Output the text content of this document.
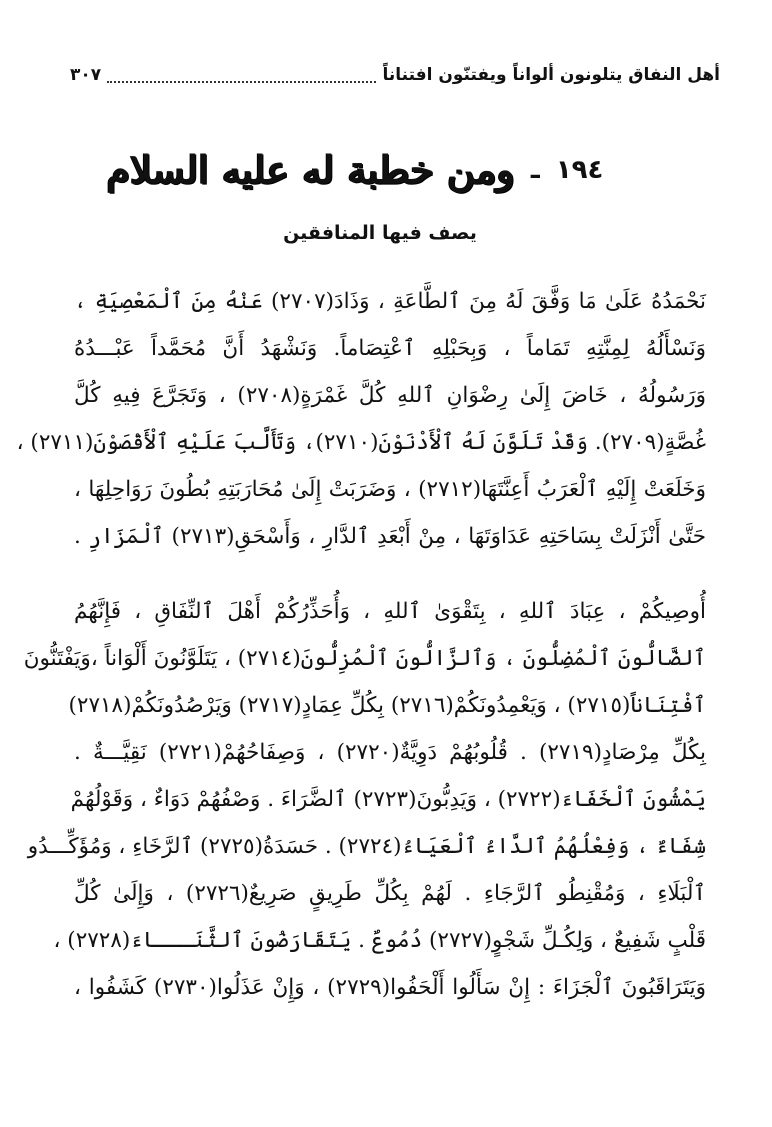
أهل النفاق يتلونون ألواناً ويفتنّون افتناناً
٣٠٧
١٩٤
ـ
ومن خطبة له عليه السلام
يصف فيها المنافقين
نَحْمَدُهُ عَلَىٰ مَا وَفَّقَ لَهُ مِنَ ٱلطَّاعَةِ ، وَذَادَ(٢٧٠٧) عَنْهُ مِنَ ٱلْمَعْصِيَةِ ،
وَنَسْأَلُهُ لِمِنَّتِهِ تَمَاماً ، وَبِحَبْلِهِ ٱعْتِصَاماً. وَنَشْهَدُ أَنَّ مُحَمَّداً عَبْـــدُهُ
وَرَسُولُهُ ، خَاضَ إِلَىٰ رِضْوَانِ ٱللهِ كُلَّ غَمْرَةٍ(٢٧٠٨) ، وَتَجَرَّعَ فِيهِ كُلَّ
غُصَّةٍ(٢٧٠٩). وَقَدْ تَلَوَّنَ لَهُ ٱلْأَدْنَوْنَ(٢٧١٠)، وَتَأَلَّبَ عَلَيْهِ ٱلْأَقْصَوْنَ(٢٧١١) ،
وَخَلَعَتْ إِلَيْهِ ٱلْعَرَبُ أَعِنَّتَهَا(٢٧١٢) ، وَضَرَبَتْ إِلَىٰ مُحَارَبَتِهِ بُطُونَ رَوَاحِلِهَا ،
حَتَّىٰ أَنْزَلَتْ بِسَاحَتِهِ عَدَاوَتَهَا ، مِنْ أَبْعَدِ ٱلدَّارِ ، وَأَسْحَقِ(٢٧١٣) ٱلْمَزَارِ .
أُوصِيكُمْ ، عِبَادَ ٱللهِ ، بِتَقْوَىٰ ٱللهِ ، وَأُحَذِّرُكُمْ أَهْلَ ٱلنِّفَاقِ ، فَإِنَّهُمُ
ٱلضَّالُّونَ ٱلْمُضِلُّونَ ، وَٱلزَّالُّونَ ٱلْمُزِلُّونَ(٢٧١٤) ، يَتَلَوَّنُونَ أَلْوَاناً ،وَيَفْتَنُّونَ
ٱفْتِنَاناً(٢٧١٥) ، وَيَعْمِدُونَكُمْ(٢٧١٦) بِكُلِّ عِمَادٍ(٢٧١٧) وَيَرْصُدُونَكُمْ(٢٧١٨)
بِكُلِّ مِرْصَادٍ(٢٧١٩) . قُلُوبُهُمْ دَوِيَّةٌ(٢٧٢٠) ، وَصِفَاحُهُمْ(٢٧٢١) نَقِيَّـــةٌ .
يَمْشُونَ ٱلْخَفَاءَ(٢٧٢٢) ، وَيَدِبُّونَ(٢٧٢٣) ٱلضَّرَاءَ . وَصْفُهُمْ دَوَاءٌ ، وَقَوْلُهُمْ
شِفَاءٌ ، وَفِعْلُهُمُ ٱلدَّاءُ ٱلْعَيَاءُ(٢٧٢٤) . حَسَدَةُ(٢٧٢٥) ٱلرَّخَاءِ ، وَمُؤَكِّـــدُو
ٱلْبَلَاءِ ، وَمُقْنِطُو ٱلرَّجَاءِ . لَهُمْ بِكُلِّ طَرِيقٍ صَرِيعٌ(٢٧٢٦) ، وَإِلَىٰ كُلِّ
قَلْبٍ شَفِيعٌ ، وَلِكُـلِّ شَجْوٍ(٢٧٢٧) دُمُوعٌ . يَتَقَارَضُونَ ٱلثَّنَـــاءَ(٢٧٢٨) ،
وَيَتَرَاقَبُونَ ٱلْجَزَاءَ : إِنْ سَأَلُوا أَلْحَفُوا(٢٧٢٩) ، وَإِنْ عَذَلُوا(٢٧٣٠) كَشَفُوا ،
